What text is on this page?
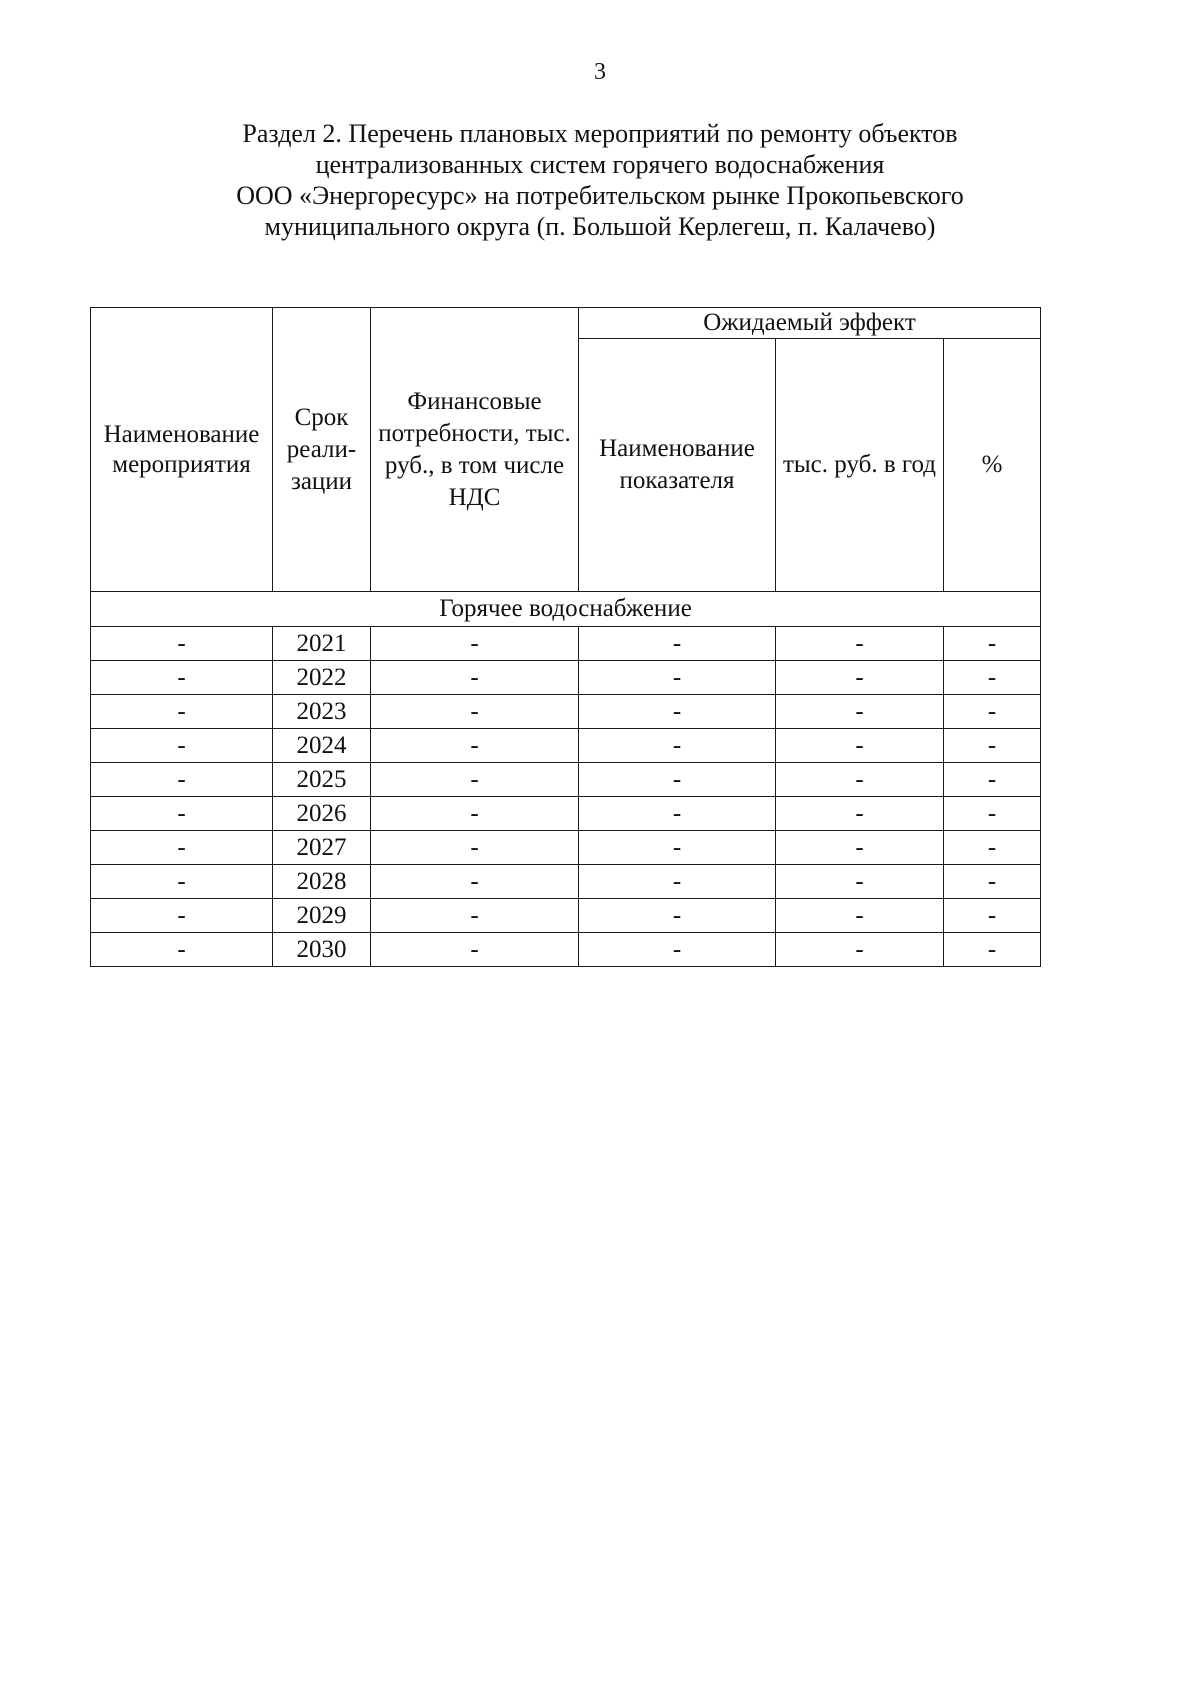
3
Раздел 2. Перечень плановых мероприятий по ремонту объектов
централизованных систем горячего водоснабжения
ООО «Энергоресурс» на потребительском рынке Прокопьевского
муниципального округа (п. Большой Керлегеш, п. Калачево)
Наименование мероприятия	Срок реали-зации	Финансовые потребности, тыс. руб., в том числе НДС	Ожидаемый эффект		
			Наименование показателя	тыс. руб. в год	%
Горячее водоснабжение					
-	2021	-	-	-	-
-	2022	-	-	-	-
-	2023	-	-	-	-
-	2024	-	-	-	-
-	2025	-	-	-	-
-	2026	-	-	-	-
-	2027	-	-	-	-
-	2028	-	-	-	-
-	2029	-	-	-	-
-	2030	-	-	-	-
